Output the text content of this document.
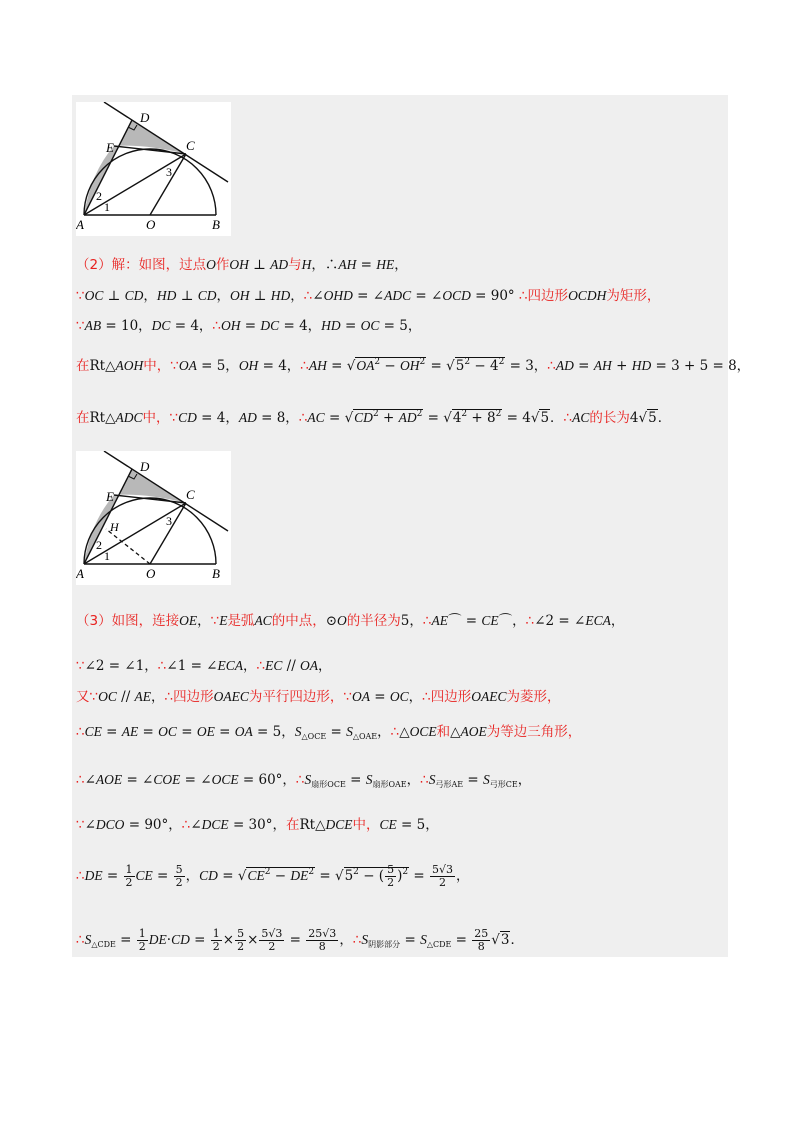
D
E	C
A	O	B
2
1
3
（2）解：如图，过点O作OH ⊥ AD与H，∴AH = HE，
∵OC ⊥ CD，HD ⊥ CD，OH ⊥ HD，∴∠OHD = ∠ADC = ∠OCD = 90° ∴四边形OCDH为矩形，
∵AB = 10，DC = 4，∴OH = DC = 4，HD = OC = 5，
在Rt△AOH中，∵OA = 5，OH = 4，∴AH = $√OA^2 - OH^2 = √5^2 - 4^2 = 3$，∴AD = AH + HD = 3 + 5 = 8，
在Rt△ADC中，∵CD = 4，AD = 8，∴AC = $√CD^2 + AD^2 = √4^2 + 8^2 = 4√5$．∴AC的长为4√5．
D
E	C
A	O	B
H
2
1
3
（3）如图，连接OE，∵E是弧AC的中点，⊙O的半径为5，∴AE⌒ = CE⌒，∴∠2 = ∠ECA，
∵∠2 = ∠1，∴∠1 = ∠ECA，∴EC // OA，
又∵OC // AE，∴四边形OAEC为平行四边形，∵OA = OC，∴四边形OAEC为菱形，
∴CE = AE = OC = OE = OA = 5，$S_{\triangle OCE} = S_{\triangle OAE}$，∴△OCE和△AOE为等边三角形，
∴∠AOE = ∠COE = ∠OCE = 60°，$\therefore S_{扇形OCE} = S_{扇形OAE}$，$\therefore S_{弓形AE} = S_{弓形CE}$，
∵∠DCO = 90°，∴∠DCE = 30°，在Rt△DCE中，CE = 5，
∴DE = $\frac{1}{2}$ CE = $\frac{5}{2}$ ，CD = $√CE^2 - DE^2 = √5^2$ − ( $\frac{5}{2} )^2 = \frac{5√3}{2}$ ，
$\therefore S_{\triangle CDE} = \frac{1}{2} DE\cdot CD = \frac{1}{2} \times \frac{5}{2} \times \frac{5√3}{2} = \frac{25√3}{8}$ ，$\therefore S_{阴影部分} = S_{\triangle CDE} = \frac{25}{8} √3$．
